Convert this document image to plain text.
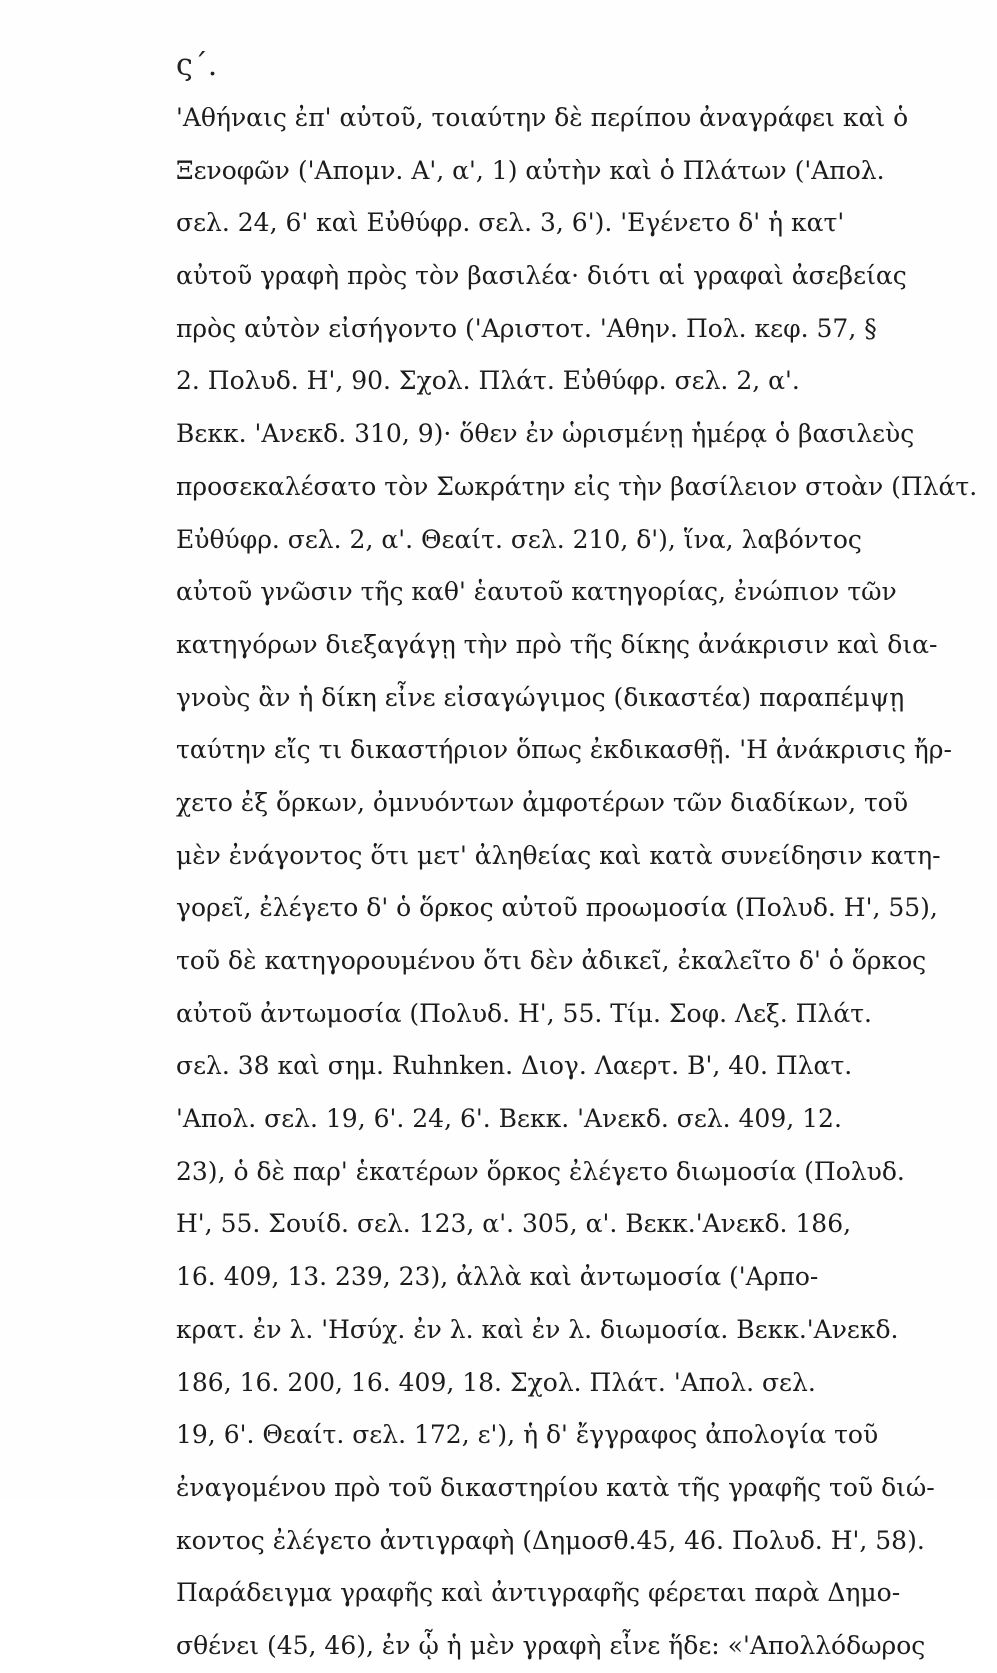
ς΄.

'Αθήναις ἐπ' αὐτοῦ, τοιαύτην δὲ περίπου ἀναγράφει καὶ ὁ

Ξενοφῶν ('Απομν. Α', α', 1) αὐτὴν καὶ ὁ Πλάτων ('Απολ.

σελ. 24, 6' καὶ Εὐθύφρ. σελ. 3, 6'). 'Εγένετο δ' ἡ κατ'

αὐτοῦ γραφὴ πρὸς τὸν βασιλέα· διότι αἱ γραφαὶ ἀσεβείας

πρὸς αὐτὸν εἰσήγοντο ('Αριστοτ. 'Αθην. Πολ. κεφ. 57, §

2. Πολυδ. Η', 90. Σχολ. Πλάτ. Εὐθύφρ. σελ. 2, α'.

Βεκκ. 'Ανεκδ. 310, 9)· ὅθεν ἐν ὡρισμένῃ ἡμέρᾳ ὁ βασιλεὺς

προσεκαλέσατο τὸν Σωκράτην εἰς τὴν βασίλειον στοὰν (Πλάτ.

Εὐθύφρ. σελ. 2, α'. Θεαίτ. σελ. 210, δ'), ἵνα, λαβόντος

αὐτοῦ γνῶσιν τῆς καθ' ἑαυτοῦ κατηγορίας, ἐνώπιον τῶν

κατηγόρων διεξαγάγῃ τὴν πρὸ τῆς δίκης ἀνάκρισιν καὶ δια-

γνοὺς ἂν ἡ δίκη εἶνε εἰσαγώγιμος (δικαστέα) παραπέμψῃ

ταύτην εἴς τι δικαστήριον ὅπως ἐκδικασθῇ. 'Η ἀνάκρισις ἤρ-

χετο ἐξ ὅρκων, ὀμνυόντων ἀμφοτέρων τῶν διαδίκων, τοῦ

μὲν ἐνάγοντος ὅτι μετ' ἀληθείας καὶ κατὰ συνείδησιν κατη-

γορεῖ, ἐλέγετο δ' ὁ ὅρκος αὐτοῦ προωμοσία (Πολυδ. Η', 55),

τοῦ δὲ κατηγορουμένου ὅτι δὲν ἀδικεῖ, ἐκαλεῖτο δ' ὁ ὅρκος

αὐτοῦ ἀντωμοσία (Πολυδ. Η', 55. Τίμ. Σοφ. Λεξ. Πλάτ.

σελ. 38 καὶ σημ. Ruhnken. Διογ. Λαερτ. Β', 40. Πλατ.

'Απολ. σελ. 19, 6'. 24, 6'. Βεκκ. 'Ανεκδ. σελ. 409, 12.

23), ὁ δὲ παρ' ἑκατέρων ὅρκος ἐλέγετο διωμοσία (Πολυδ.

Η', 55. Σουίδ. σελ. 123, α'. 305, α'. Βεκκ.'Ανεκδ. 186,

16. 409, 13. 239, 23), ἀλλὰ καὶ ἀντωμοσία ('Αρπο-

κρατ. ἐν λ. 'Ησύχ. ἐν λ. καὶ ἐν λ. διωμοσία. Βεκκ.'Ανεκδ.

186, 16. 200, 16. 409, 18. Σχολ. Πλάτ. 'Απολ. σελ.

19, 6'. Θεαίτ. σελ. 172, ε'), ἡ δ' ἔγγραφος ἀπολογία τοῦ

ἐναγομένου πρὸ τοῦ δικαστηρίου κατὰ τῆς γραφῆς τοῦ διώ-

κοντος ἐλέγετο ἀντιγραφὴ (Δημοσθ.45, 46. Πολυδ. Η', 58).

Παράδειγμα γραφῆς καὶ ἀντιγραφῆς φέρεται παρὰ Δημο-

σθένει (45, 46), ἐν ᾧ ἡ μὲν γραφὴ εἶνε ἥδε: «'Απολλόδωρος
